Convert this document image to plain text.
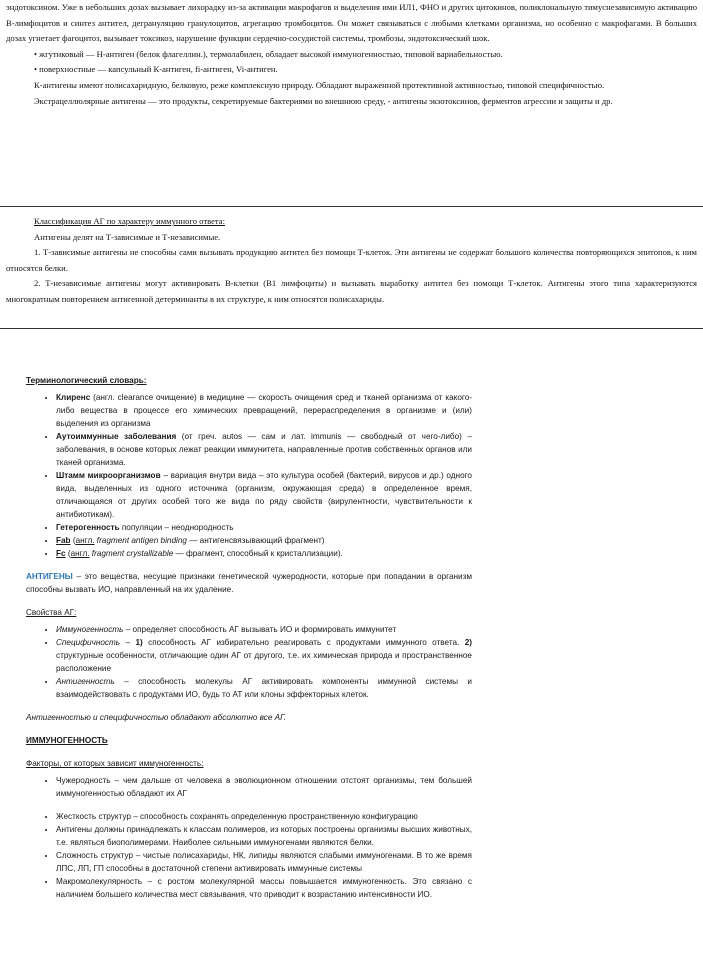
эндотоксином. Уже в небольших дозах вызывает лихорадку из-за активации макрофагов и выделения ими ИЛ1, ФНО и других цитокинов, поликлональную тимуснезависимую активацию В-лимфоцитов и синтез антител, дегрануляцию гранулоцитов, агрегацию тромбоцитов. Он может связываться с любыми клетками организма, но особенно с макрофагами. В больших дозах угнетает фагоцитоз, вызывает токсикоз, нарушение функции сердечно-сосудистой системы, тромбозы, эндотоксический шок.

• жгутиковый — Н-антиген (белок флагеллин.), термолабилен, обладает высокой иммуногенностью, типовой вариабельностью.

• поверхностные — капсульный К-антиген, fi-антиген, Vi-антиген.

К-антигены имеют полисахаридную, белковую, реже комплексную природу. Обладают выраженной протективной активностью, типовой специфичностью.

Экстрацеллюлярные антигены — это продукты, секретируемые бактериями во внешнюю среду, - антигены экзотоксинов, ферментов агрессии и защиты и др.

Классификация АГ по характеру иммунного ответа:

Антигены делят на Т-зависимые и Т-независимые.

1. Т-зависимые антигены не способны сами вызывать продукцию антител без помощи Т-клеток. Эти антигены не содержат большого количества повторяющихся эпитопов, к ним относятся белки.

2. Т-независимые антигены могут активировать В-клетки (В1 лимфоциты) и вызывать выработку антител без помощи Т-клеток. Антигены этого типа характеризуются многократным повторением антигенной детерминанты в их структуре, к ним относятся полисахариды.

Терминологический словарь:

• Клиренс (англ. clearance очищение) в медицине — скорость очищения сред и тканей организма от какого-либо вещества в процессе его химических превращений, перераспределения в организме и (или) выделения из организма
• Аутоиммунные заболевания (от греч. autos — сам и лат. immunis — свободный от чего-либо) – заболевания, в основе которых лежат реакции иммунитета, направленные против собственных органов или тканей организма.
• Штамм микроорганизмов – вариация внутри вида – это культура особей (бактерий, вирусов и др.) одного вида, выделенных из одного источника (организм, окружающая среда) в определенное время, отличающаяся от других особей того же вида по ряду свойств (вирулентности, чувствительности к антибиотикам).
• Гетерогенность популяции – неоднородность
• Fab (англ. fragment antigen binding — антигенсвязывающий фрагмент)
• Fc (англ. fragment crystallizable — фрагмент, способный к кристаллизации).

АНТИГЕНЫ – это вещества, несущие признаки генетической чужеродности, которые при попадании в организм способны вызвать ИО, направленный на их удаление.

Свойства АГ:

• Иммуногенность – определяет способность АГ вызывать ИО и формировать иммунитет
• Специфичность – 1) способность АГ избирательно реагировать с продуктами иммунного ответа. 2) структурные особенности, отличающие один АГ от другого, т.е. их химическая природа и пространственное расположение
• Антигенность – способность молекулы АГ активировать компоненты иммунной системы и взаимодействовать с продуктами ИО, будь то АТ или клоны эффекторных клеток.

Антигенностью и специфичностью обладают абсолютно все АГ.

ИММУНОГЕННОСТЬ

Факторы, от которых зависит иммуногенность:

• Чужеродность – чем дальше от человека в эволюционном отношении отстоят организмы, тем большей иммуногенностью обладают их АГ
• Жесткость структур – способность сохранять определенную пространственную конфигурацию
• Антигены должны принадлежать к классам полимеров, из которых построены организмы высших животных, т.е. являться биополимерами. Наиболее сильными иммуногенами являются белки.
• Сложность структур – чистые полисахариды, НК, липиды являются слабыми иммуногенами. В то же время ЛПС, ЛП, ГП способны в достаточной степени активировать иммунные системы
• Макромолекулярность – с ростом молекулярной массы повышается иммуногенность. Это связано с наличием большего количества мест связывания, что приводит к возрастанию интенсивности ИО.
